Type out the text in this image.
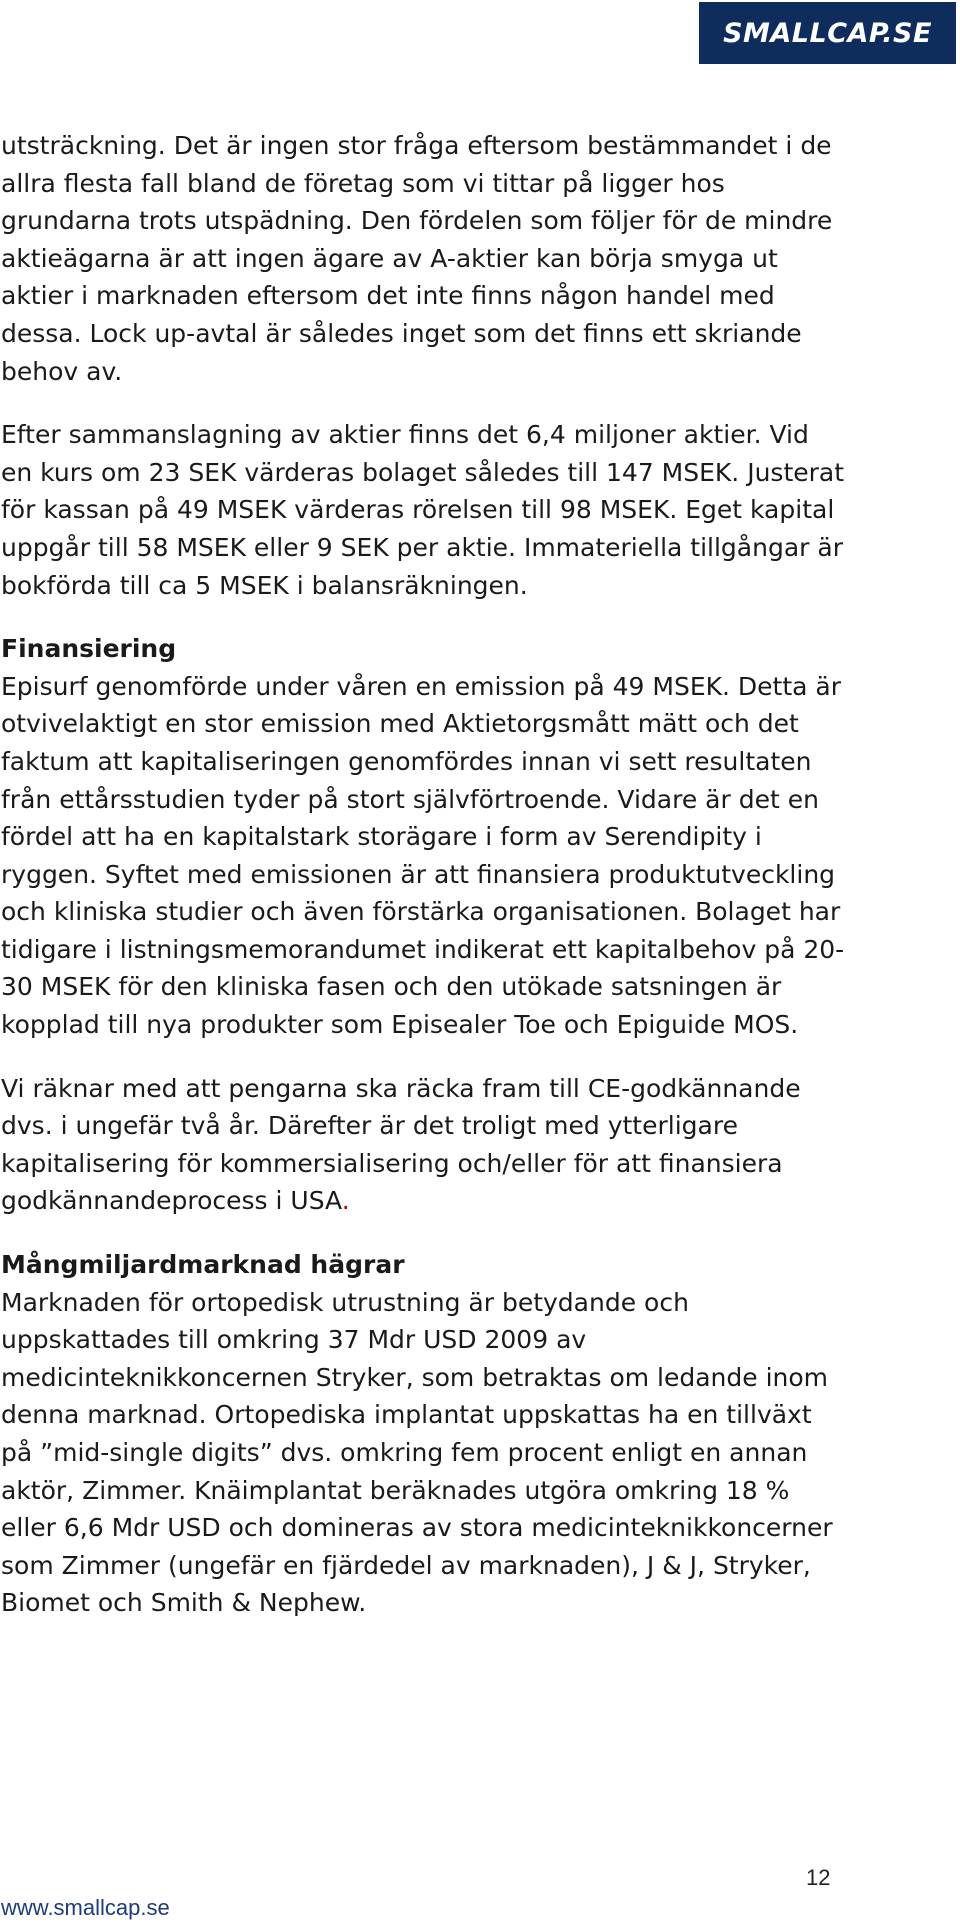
SMALLCAP.SE

utsträckning. Det är ingen stor fråga eftersom bestämmandet i de allra flesta fall bland de företag som vi tittar på ligger hos grundarna trots utspädning. Den fördelen som följer för de mindre aktieägarna är att ingen ägare av A-aktier kan börja smyga ut aktier i marknaden eftersom det inte finns någon handel med dessa. Lock up-avtal är således inget som det finns ett skriande behov av.

Efter sammanslagning av aktier finns det 6,4 miljoner aktier. Vid en kurs om 23 SEK värderas bolaget således till 147 MSEK. Justerat för kassan på 49 MSEK värderas rörelsen till 98 MSEK. Eget kapital uppgår till 58 MSEK eller 9 SEK per aktie. Immateriella tillgångar är bokförda till ca 5 MSEK i balansräkningen.

Finansiering

Episurf genomförde under våren en emission på 49 MSEK. Detta är otvivelaktigt en stor emission med Aktietorgsmått mätt och det faktum att kapitaliseringen genomfördes innan vi sett resultaten från ettårsstudien tyder på stort självförtroende. Vidare är det en fördel att ha en kapitalstark storägare i form av Serendipity i ryggen. Syftet med emissionen är att finansiera produktutveckling och kliniska studier och även förstärka organisationen. Bolaget har tidigare i listningsmemorandumet indikerat ett kapitalbehov på 20-30 MSEK för den kliniska fasen och den utökade satsningen är kopplad till nya produkter som Episealer Toe och Epiguide MOS.

Vi räknar med att pengarna ska räcka fram till CE-godkännande dvs. i ungefär två år. Därefter är det troligt med ytterligare kapitalisering för kommersialisering och/eller för att finansiera godkännandeprocess i USA.

Mångmiljardmarknad hägrar

Marknaden för ortopedisk utrustning är betydande och uppskattades till omkring 37 Mdr USD 2009 av medicinteknikkoncernen Stryker, som betraktas om ledande inom denna marknad. Ortopediska implantat uppskattas ha en tillväxt på ”mid-single digits” dvs. omkring fem procent enligt en annan aktör, Zimmer. Knäimplantat beräknades utgöra omkring 18 % eller 6,6 Mdr USD och domineras av stora medicinteknikkoncerner som Zimmer (ungefär en fjärdedel av marknaden), J & J, Stryker, Biomet och Smith & Nephew.

12
www.smallcap.se
